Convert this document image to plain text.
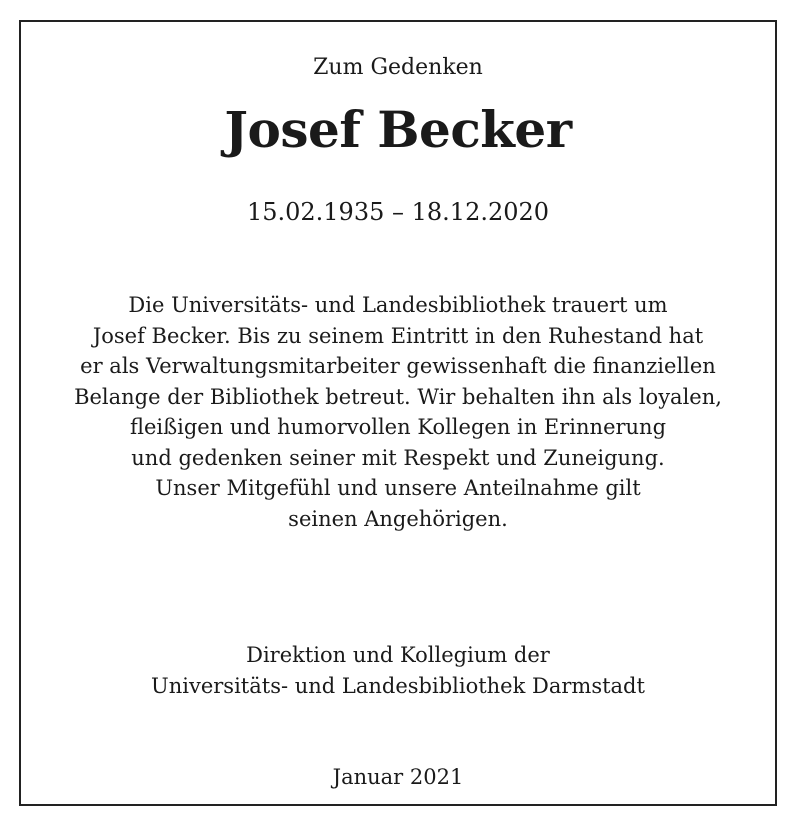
Zum Gedenken
Josef Becker
15.02.1935 – 18.12.2020
Die Universitäts- und Landesbibliothek trauert um
Josef Becker. Bis zu seinem Eintritt in den Ruhestand hat
er als Verwaltungsmitarbeiter gewissenhaft die finanziellen
Belange der Bibliothek betreut. Wir behalten ihn als loyalen,
fleißigen und humorvollen Kollegen in Erinnerung
und gedenken seiner mit Respekt und Zuneigung.
Unser Mitgefühl und unsere Anteilnahme gilt
seinen Angehörigen.
Direktion und Kollegium der
Universitäts- und Landesbibliothek Darmstadt
Januar 2021
